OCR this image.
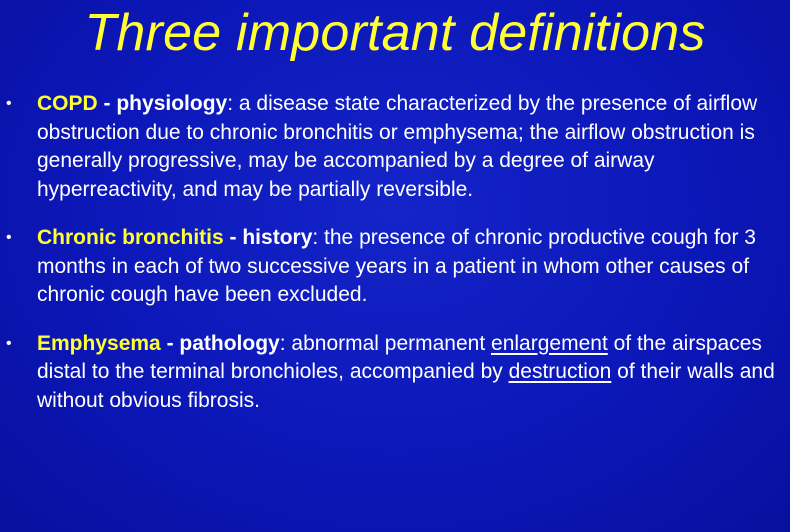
Three important definitions
• COPD - physiology: a disease state characterized by the presence of airflow obstruction due to chronic bronchitis or emphysema; the airflow obstruction is generally progressive, may be accompanied by a degree of airway hyperreactivity, and may be partially reversible.
• Chronic bronchitis - history: the presence of chronic productive cough for 3 months in each of two successive years in a patient in whom other causes of chronic cough have been excluded.
• Emphysema - pathology: abnormal permanent enlargement of the airspaces distal to the terminal bronchioles, accompanied by destruction of their walls and without obvious fibrosis.
